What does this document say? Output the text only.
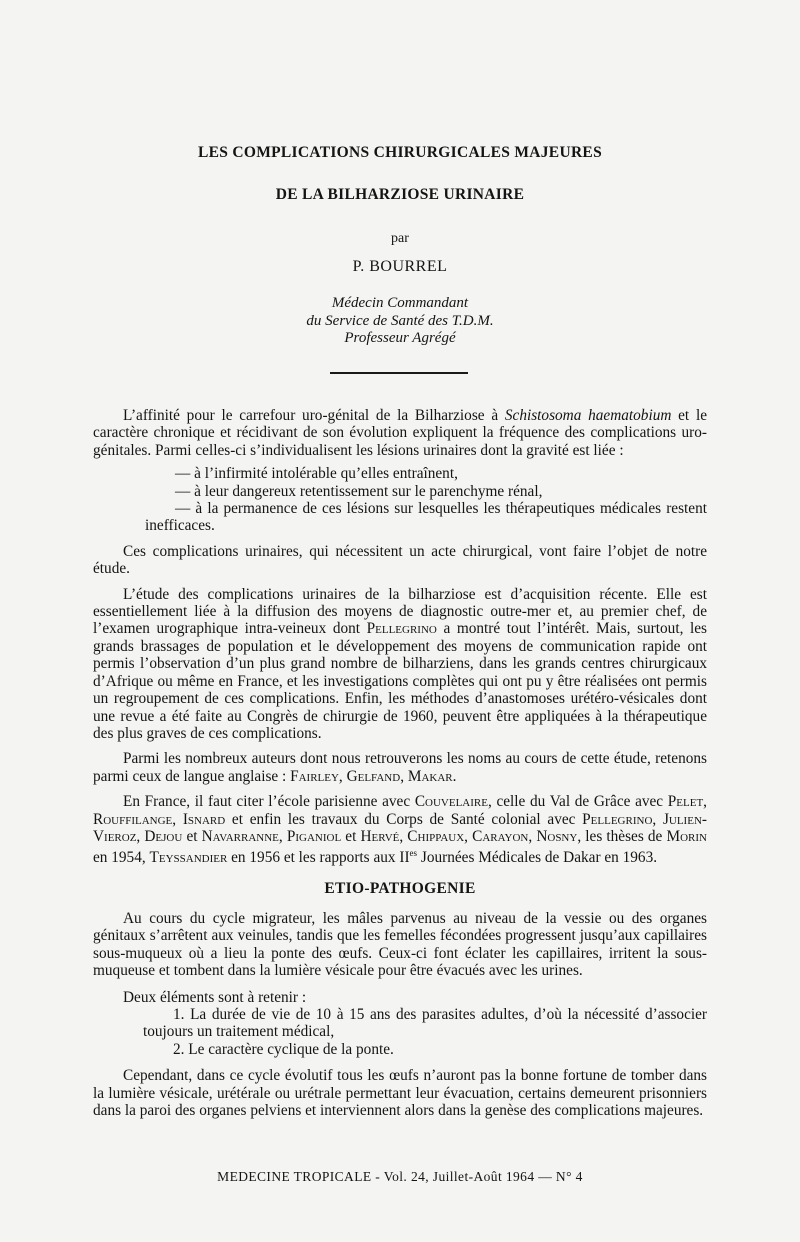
LES COMPLICATIONS CHIRURGICALES MAJEURES
DE LA BILHARZIOSE URINAIRE
par
P. BOURREL
Médecin Commandant
du Service de Santé des T.D.M.
Professeur Agrégé

L’affinité pour le carrefour uro-génital de la Bilharziose à Schistosoma haematobium et le caractère chronique et récidivant de son évolution expliquent la fréquence des complications uro-génitales. Parmi celles-ci s’individualisent les lésions urinaires dont la gravité est liée :

— à l’infirmité intolérable qu’elles entraînent,

— à leur dangereux retentissement sur le parenchyme rénal,

— à la permanence de ces lésions sur lesquelles les thérapeutiques médicales restent inefficaces.

Ces complications urinaires, qui nécessitent un acte chirurgical, vont faire l’objet de notre étude.

L’étude des complications urinaires de la bilharziose est d’acquisition récente. Elle est essentiellement liée à la diffusion des moyens de diagnostic outre-mer et, au premier chef, de l’examen urographique intra-veineux dont Pellegrino a montré tout l’intérêt. Mais, surtout, les grands brassages de population et le développement des moyens de communication rapide ont permis l’observation d’un plus grand nombre de bilharziens, dans les grands centres chirurgicaux d’Afrique ou même en France, et les investigations complètes qui ont pu y être réalisées ont permis un regroupement de ces complications. Enfin, les méthodes d’anastomoses urétéro-vésicales dont une revue a été faite au Congrès de chirurgie de 1960, peuvent être appliquées à la thérapeutique des plus graves de ces complications.

Parmi les nombreux auteurs dont nous retrouverons les noms au cours de cette étude, retenons parmi ceux de langue anglaise : Fairley, Gelfand, Makar.

En France, il faut citer l’école parisienne avec Couvelaire, celle du Val de Grâce avec Pelet, Rouffilange, Isnard et enfin les travaux du Corps de Santé colonial avec Pellegrino, Julien-Vieroz, Dejou et Navarranne, Piganiol et Hervé, Chippaux, Carayon, Nosny, les thèses de Morin en 1954, Teyssandier en 1956 et les rapports aux $II^{es}$ Journées Médicales de Dakar en 1963.

ETIO-PATHOGENIE

Au cours du cycle migrateur, les mâles parvenus au niveau de la vessie ou des organes génitaux s’arrêtent aux veinules, tandis que les femelles fécondées progressent jusqu’aux capillaires sous-muqueux où a lieu la ponte des œufs. Ceux-ci font éclater les capillaires, irritent la sous-muqueuse et tombent dans la lumière vésicale pour être évacués avec les urines.

Deux éléments sont à retenir :

1. La durée de vie de 10 à 15 ans des parasites adultes, d’où la nécessité d’associer toujours un traitement médical,

2. Le caractère cyclique de la ponte.

Cependant, dans ce cycle évolutif tous les œufs n’auront pas la bonne fortune de tomber dans la lumière vésicale, urétérale ou urétrale permettant leur évacuation, certains demeurent prisonniers dans la paroi des organes pelviens et interviennent alors dans la genèse des complications majeures.

MEDECINE TROPICALE - Vol. 24, Juillet-Août 1964 — N° 4
